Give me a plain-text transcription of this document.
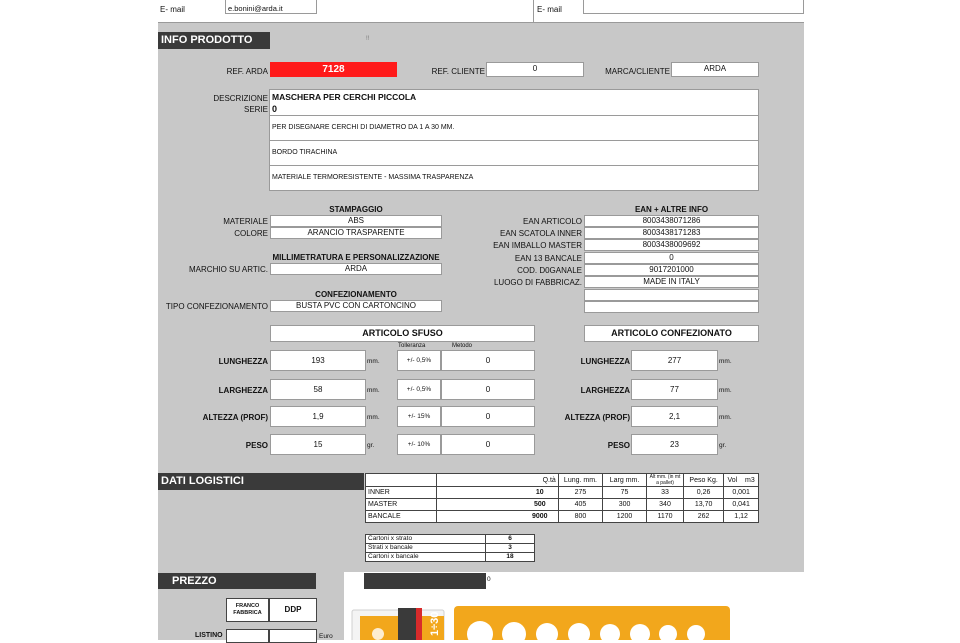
E- mail	e.bonini@arda.it	E- mail
INFO PRODOTTO	!!
REF. ARDA	7128	REF. CLIENTE	0	MARCA/CLIENTE	ARDA
DESCRIZIONE
SERIE
MASCHERA PER CERCHI PICCOLA
0
PER DISEGNARE CERCHI DI DIAMETRO DA 1 A 30 MM.
BORDO TIRACHINA
MATERIALE TERMORESISTENTE - MASSIMA TRASPARENZA
STAMPAGGIO
MATERIALE	ABS
COLORE	ARANCIO TRASPARENTE
MILLIMETRATURA E PERSONALIZZAZIONE
MARCHIO SU ARTIC.	ARDA
CONFEZIONAMENTO
TIPO CONFEZIONAMENTO	BUSTA PVC CON CARTONCINO
EAN + ALTRE INFO
EAN ARTICOLO	8003438071286
EAN SCATOLA INNER	8003438171283
EAN IMBALLO MASTER	8003438009692
EAN 13 BANCALE	0
COD. D0GANALE	9017201000
LUOGO DI FABBRICAZ.	MADE IN ITALY
ARTICOLO SFUSO
Tolleranza	Metodo
LUNGHEZZA	193	mm.	+/- 0,5%	0
LARGHEZZA	58	mm.	+/- 0,5%	0
ALTEZZA (PROF)	1,9	mm.	+/- 15%	0
PESO	15	gr.	+/- 10%	0
ARTICOLO CONFEZIONATO
LUNGHEZZA	277	mm.
LARGHEZZA	77	mm.
ALTEZZA (PROF)	2,1	mm.
PESO	23	gr.
DATI LOGISTICI
			Q.tà	Lung. mm.	Larg mm.	Alt mm. (in mt a pallet)	Peso Kg.	Vol    m3
INNER		10	275	75	33	0,26	0,001
MASTER		500	405	300	340	13,70	0,041
BANCALE		9000	800	1200	1170	262	1,12
Cartoni x strato	6
Strati x bancale	3
Cartoni x bancale	18
PREZZO	0
FRANCO FABBRICA	DDP
LISTINO	Euro
1÷30
